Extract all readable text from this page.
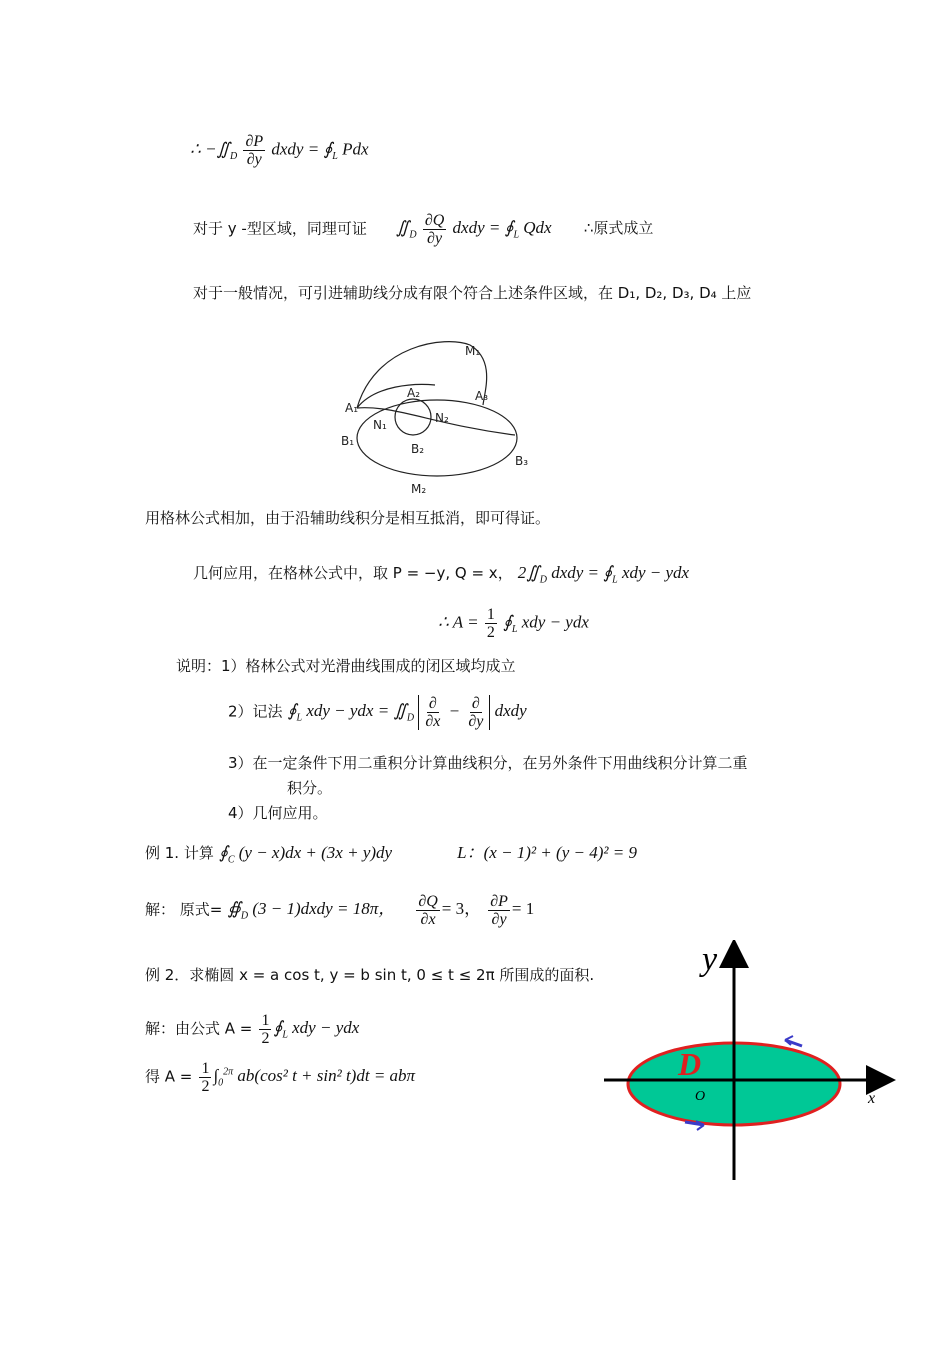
∴ $-∬_D \frac{\partial P}{\partial y}$ dxdy = $∮_L$ Pdx
对于 y -型区域，同理可证 $∬_D \frac{\partial Q}{\partial y}$ dxdy = $∮_L$ Qdx ∴原式成立
对于一般情况，可引进辅助线分成有限个符合上述条件区域，在 D₁, D₂, D₃, D₄ 上应
M₁
A₂	A₃
A₁
N₁	N₂
B₁
B₂
B₃
M₂
用格林公式相加，由于沿辅助线积分是相互抵消，即可得证。
几何应用，在格林公式中，取 P = −y, Q = x， $2∬_D$ dxdy = $∮_L$ xdy − ydx
∴ $A = \frac{1}{2}$ $∮_L$ xdy − ydx
说明：1）格林公式对光滑曲线围成的闭区域均成立
2）记法 $∮_L$ xdy − ydx = $∬_D \frac{\partial}{\partial x} - \frac{\partial}{\partial y}$ dxdy
3）在一定条件下用二重积分计算曲线积分，在另外条件下用曲线积分计算二重
积分。
4）几何应用。
例 1. 计算 $∮_C$ (y − x)dx + (3x + y)dy	L：(x − 1)² + (y − 4)² = 9
解： 原式= $∯_D$ (3 − 1)dxdy = 18π， $\frac{\partial Q}{\partial x} = 3$， $\frac{\partial P}{\partial y} = 1$
例 2．求椭圆 x = a cos t, y = b sin t, 0 ≤ t ≤ 2π 所围成的面积.
解：由公式 $A = \frac{1}{2}$ $∮_L$ xdy − ydx
得 $A = \frac{1}{2} \int_0^{2\pi}$ ab(cos² t + sin² t)dt = abπ
y
x
O
D
